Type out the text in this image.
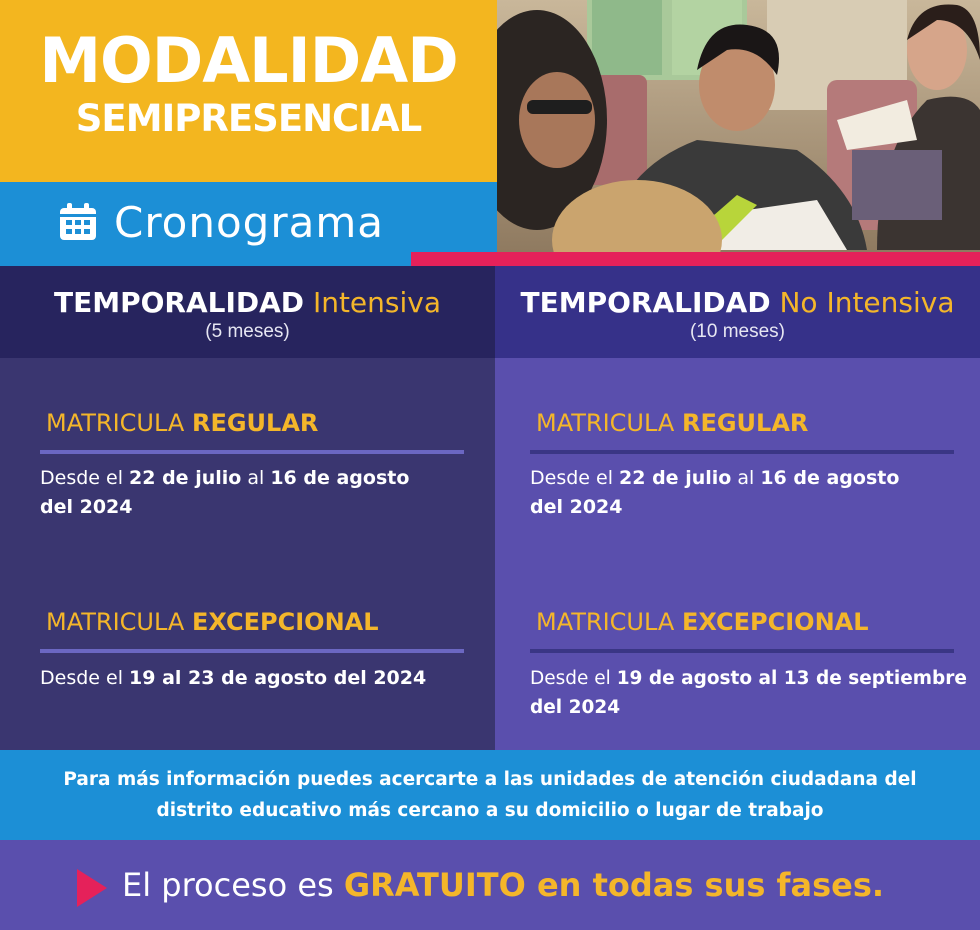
MODALIDAD
SEMIPRESENCIAL
Cronograma
TEMPORALIDAD Intensiva
(5 meses)
TEMPORALIDAD No Intensiva
(10 meses)
MATRICULA REGULAR
Desde el 22 de julio al 16 de agosto
del 2024
MATRICULA EXCEPCIONAL
Desde el 19 al 23 de agosto del 2024
MATRICULA REGULAR
Desde el 22 de julio al 16 de agosto
del 2024
MATRICULA EXCEPCIONAL
Desde el 19 de agosto al 13 de septiembre
del 2024
Para más información puedes acercarte a las unidades de atención ciudadana del
distrito educativo más cercano a su domicilio o lugar de trabajo
El proceso es GRATUITO en todas sus fases.
